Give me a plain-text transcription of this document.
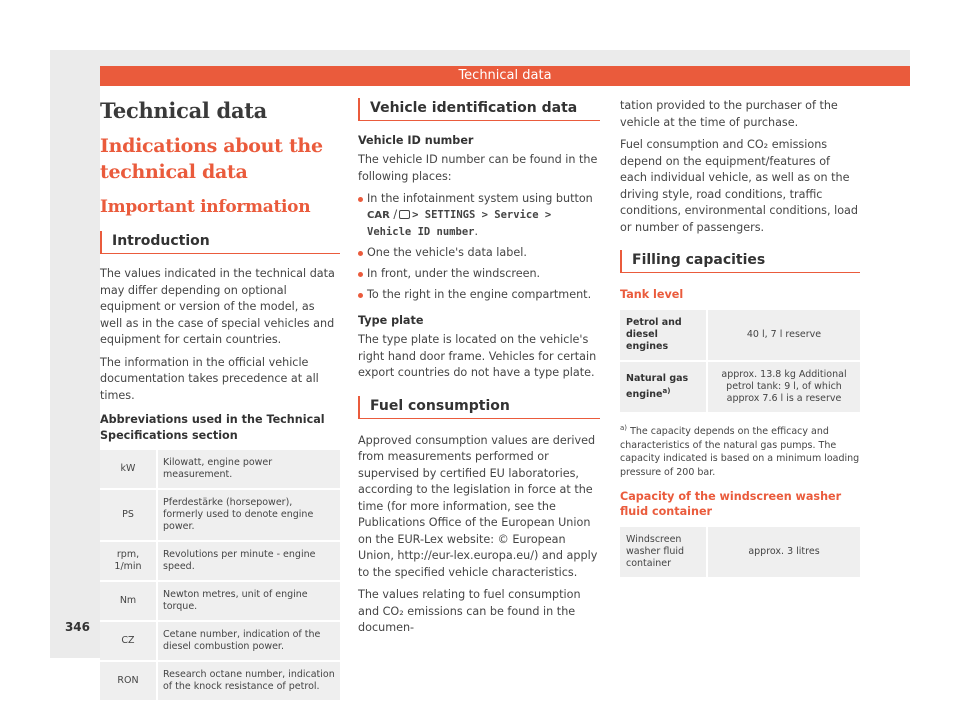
Technical data
346
Technical data
Indications about the technical data
Important information
Introduction

The values indicated in the technical data may differ depending on optional equipment or version of the model, as well as in the case of special vehicles and equipment for certain countries.

The information in the official vehicle documentation takes precedence at all times.

Abbreviations used in the Technical Specifications section
kW	Kilowatt, engine power measurement.
PS	Pferdestärke (horsepower), formerly used to denote engine power.
rpm, 1/min	Revolutions per minute - engine speed.
Nm	Newton metres, unit of engine torque.
CZ	Cetane number, indication of the diesel combustion power.
RON	Research octane number, indication of the knock resistance of petrol.
Vehicle identification data
Vehicle ID number

The vehicle ID number can be found in the following places:

In the infotainment system using button
CAR / > SETTINGS > Service > Vehicle ID number.
One the vehicle's data label.
In front, under the windscreen.
To the right in the engine compartment.
Type plate

The type plate is located on the vehicle's right hand door frame. Vehicles for certain export countries do not have a type plate.

Fuel consumption

Approved consumption values are derived from measurements performed or supervised by certified EU laboratories, according to the legislation in force at the time (for more information, see the Publications Office of the European Union on the EUR-Lex website: © European Union, http://eur-lex.europa.eu/) and apply to the specified vehicle characteristics.

The values relating to fuel consumption and CO₂ emissions can be found in the documen-

tation provided to the purchaser of the vehicle at the time of purchase.

Fuel consumption and CO₂ emissions depend on the equipment/features of each individual vehicle, as well as on the driving style, road conditions, traffic conditions, environmental conditions, load or number of passengers.

Filling capacities
Tank level
Petrol and diesel engines	40 l, 7 l reserve
Natural gas engine$^{a)}$	approx. 13.8 kg Additional petrol tank: 9 l, of which approx 7.6 l is a reserve
$^{a)}$ The capacity depends on the efficacy and characteristics of the natural gas pumps. The capacity indicated is based on a minimum loading pressure of 200 bar.
Capacity of the windscreen washer fluid container
Windscreen washer fluid container	approx. 3 litres
